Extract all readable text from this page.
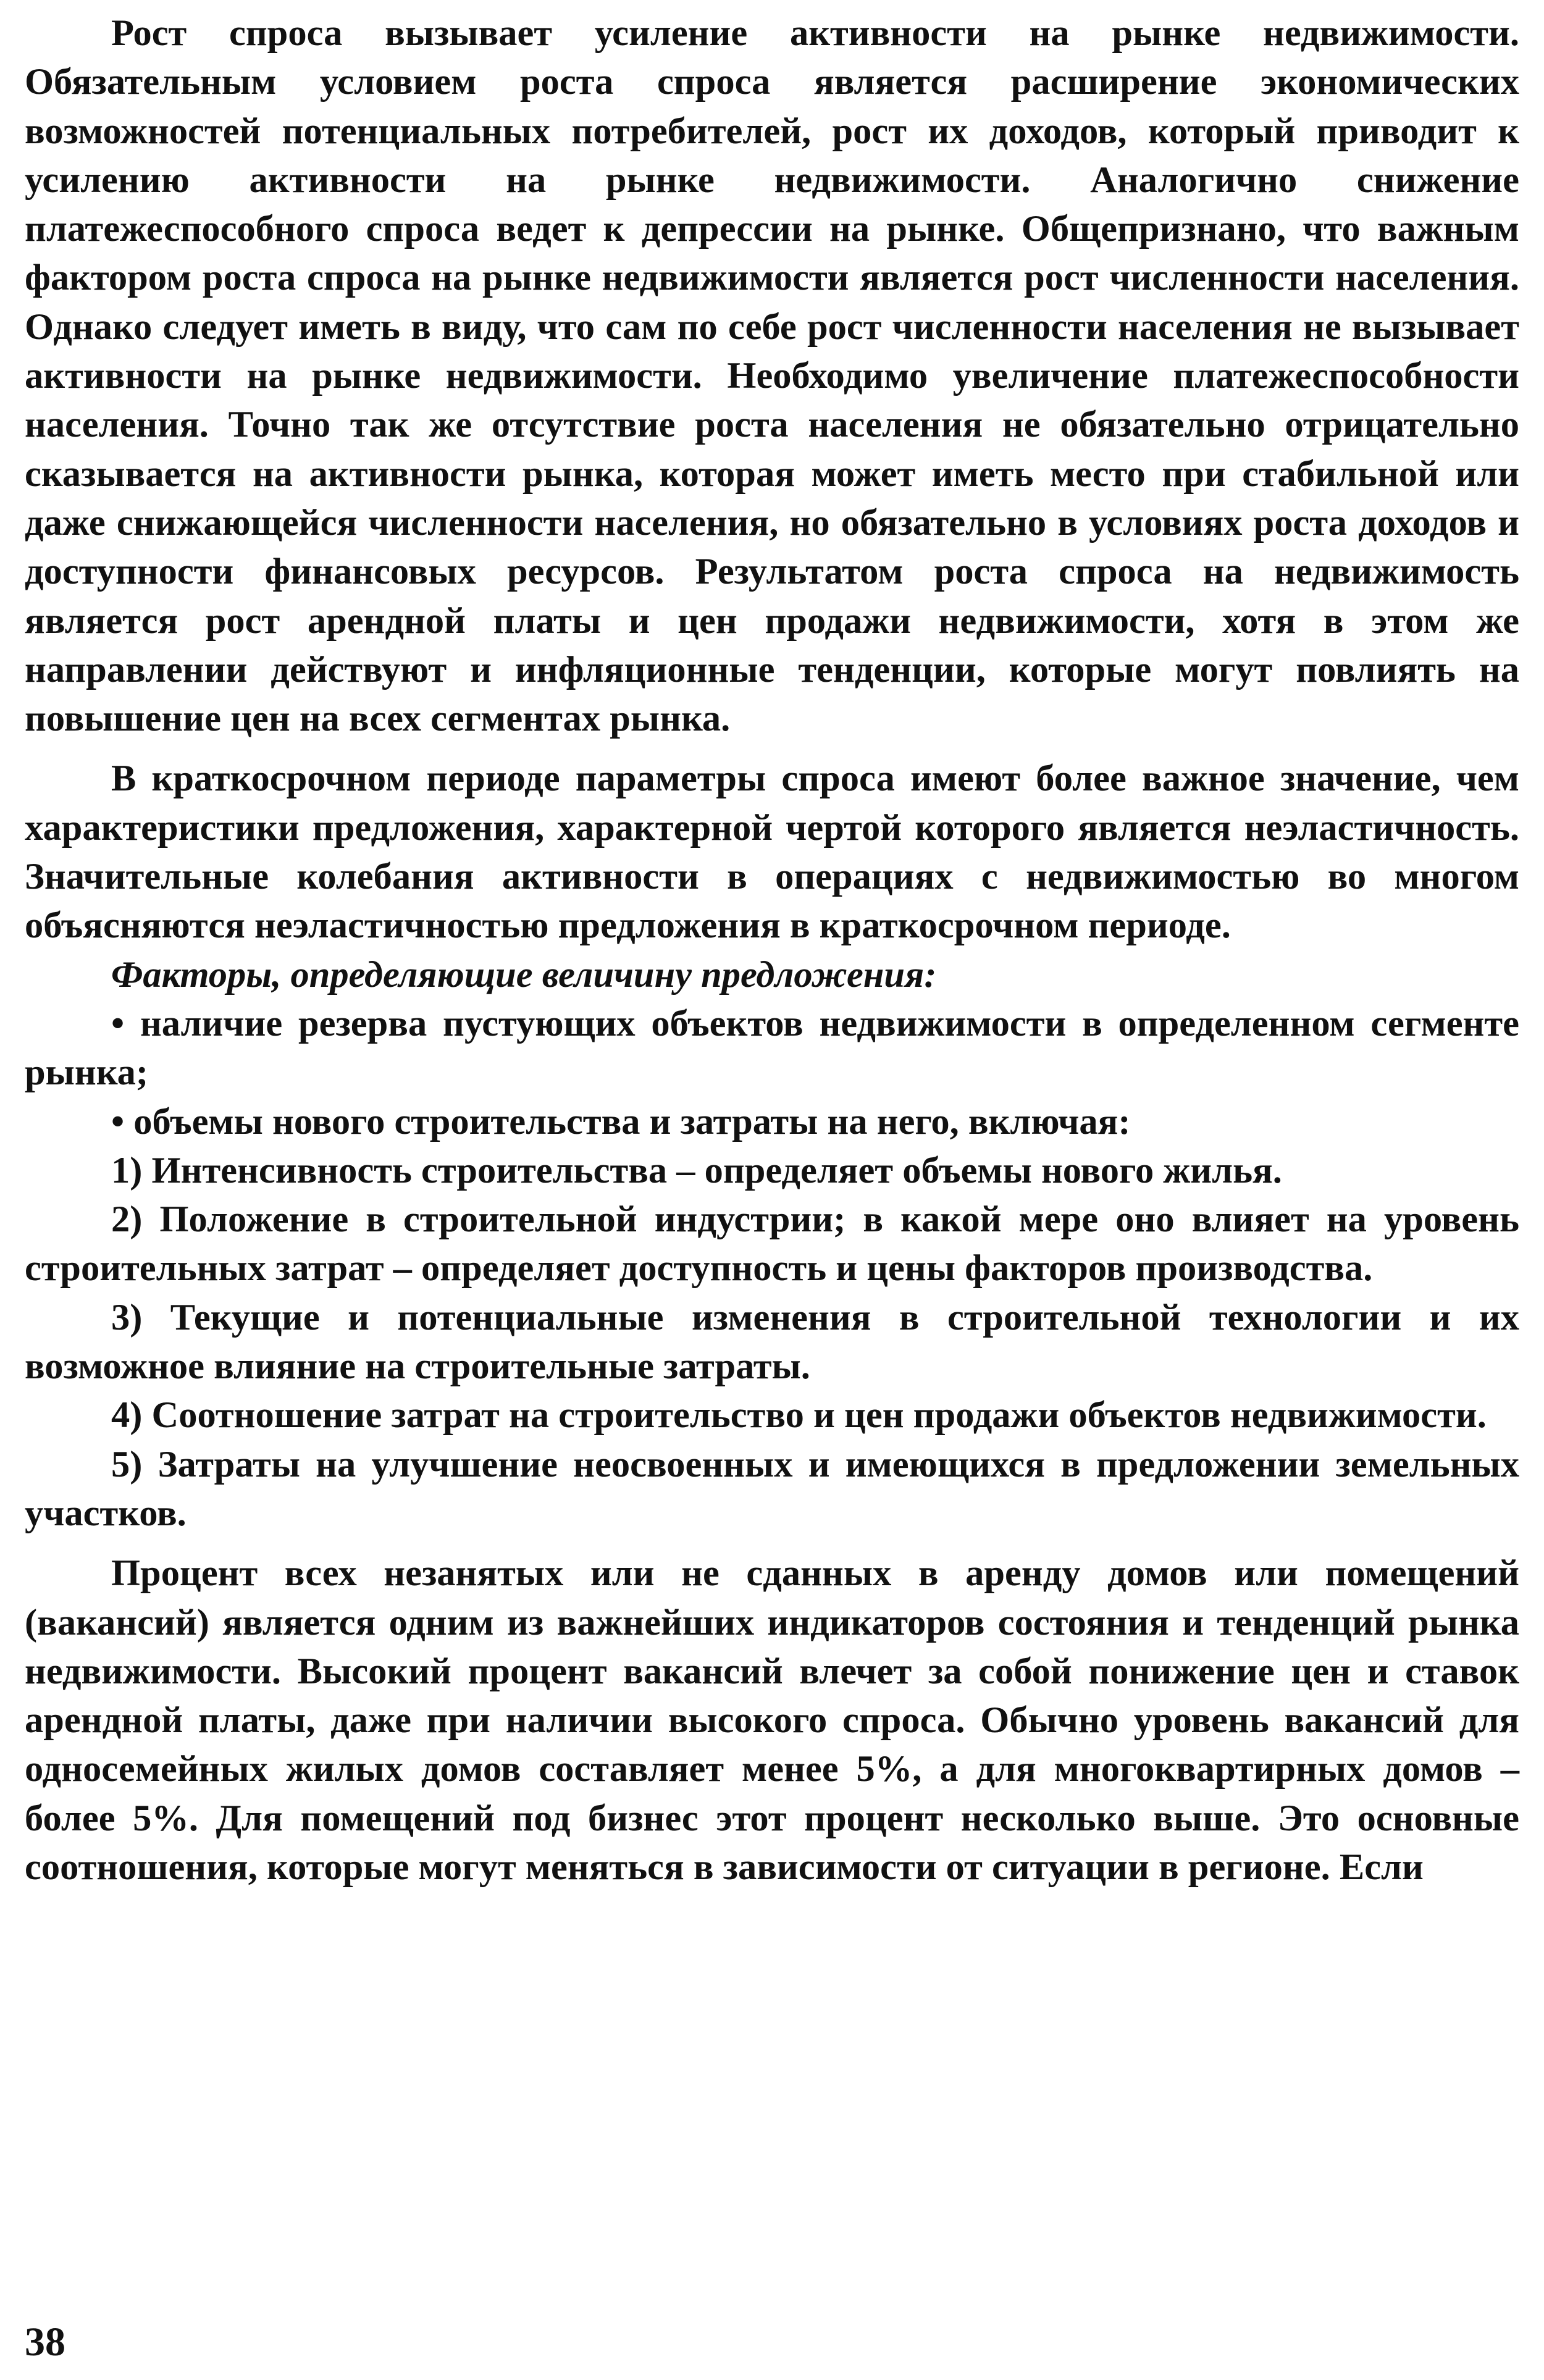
Рост спроса вызывает усиление активности на рынке недвижимости. Обязательным условием роста спроса является расширение экономических возможностей потенциальных потребителей, рост их доходов, который приводит к усилению активности на рынке недвижимости. Аналогично снижение платежеспособного спроса ведет к депрессии на рынке. Общепризнано, что важным фактором роста спроса на рынке недвижимости является рост численности населения. Однако следует иметь в виду, что сам по себе рост численности населения не вызывает активности на рынке недвижимости. Необходимо увеличение платежеспособности населения. Точно так же отсутствие роста населения не обязательно отрицательно сказывается на активности рынка, которая может иметь место при стабильной или даже снижающейся численности населения, но обязательно в условиях роста доходов и доступности финансовых ресурсов. Результатом роста спроса на недвижимость является рост арендной платы и цен продажи недвижимости, хотя в этом же направлении действуют и инфляционные тенденции, которые могут повлиять на повышение цен на всех сегментах рынка.

В краткосрочном периоде параметры спроса имеют более важное значение, чем характеристики предложения, характерной чертой которого является неэластичность. Значительные колебания активности в операциях с недвижимостью во многом объясняются неэластичностью предложения в краткосрочном периоде.

Факторы, определяющие величину предложения:

• наличие резерва пустующих объектов недвижимости в определенном сегменте рынка;

• объемы нового строительства и затраты на него, включая:

1) Интенсивность строительства – определяет объемы нового жилья.

2) Положение в строительной индустрии; в какой мере оно влияет на уровень строительных затрат – определяет доступность и цены факторов производства.

3) Текущие и потенциальные изменения в строительной технологии и их возможное влияние на строительные затраты.

4) Соотношение затрат на строительство и цен продажи объектов недвижимости.

5) Затраты на улучшение неосвоенных и имеющихся в предложении земельных участков.

Процент всех незанятых или не сданных в аренду домов или помещений (вакансий) является одним из важнейших индикаторов состояния и тенденций рынка недвижимости. Высокий процент вакансий влечет за собой понижение цен и ставок арендной платы, даже при наличии высокого спроса. Обычно уровень вакансий для односемейных жилых домов составляет менее 5%, а для многоквартирных домов – более 5%. Для помещений под бизнес этот процент несколько выше. Это основные соотношения, которые могут меняться в зависимости от ситуации в регионе. Если

38
